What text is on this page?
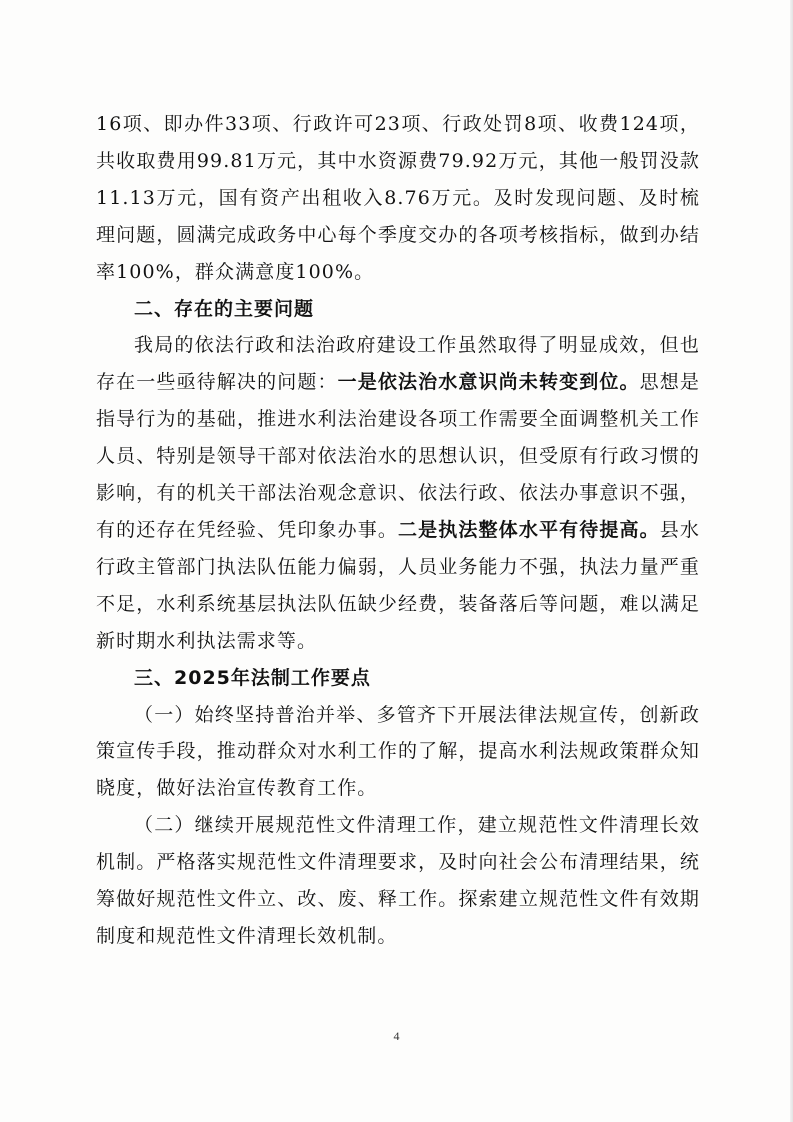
16项、即办件33项、行政许可23项、行政处罚8项、收费124项，共收取费用99.81万元，其中水资源费79.92万元，其他一般罚没款11.13万元，国有资产出租收入8.76万元。及时发现问题、及时梳理问题，圆满完成政务中心每个季度交办的各项考核指标，做到办结率100%，群众满意度100%。

二、存在的主要问题

我局的依法行政和法治政府建设工作虽然取得了明显成效，但也存在一些亟待解决的问题：一是依法治水意识尚未转变到位。思想是指导行为的基础，推进水利法治建设各项工作需要全面调整机关工作人员、特别是领导干部对依法治水的思想认识，但受原有行政习惯的影响，有的机关干部法治观念意识、依法行政、依法办事意识不强，有的还存在凭经验、凭印象办事。二是执法整体水平有待提高。县水行政主管部门执法队伍能力偏弱，人员业务能力不强，执法力量严重不足，水利系统基层执法队伍缺少经费，装备落后等问题，难以满足新时期水利执法需求等。

三、2025年法制工作要点

（一）始终坚持普治并举、多管齐下开展法律法规宣传，创新政策宣传手段，推动群众对水利工作的了解，提高水利法规政策群众知晓度，做好法治宣传教育工作。

（二）继续开展规范性文件清理工作，建立规范性文件清理长效机制。严格落实规范性文件清理要求，及时向社会公布清理结果，统筹做好规范性文件立、改、废、释工作。探索建立规范性文件有效期制度和规范性文件清理长效机制。

4
